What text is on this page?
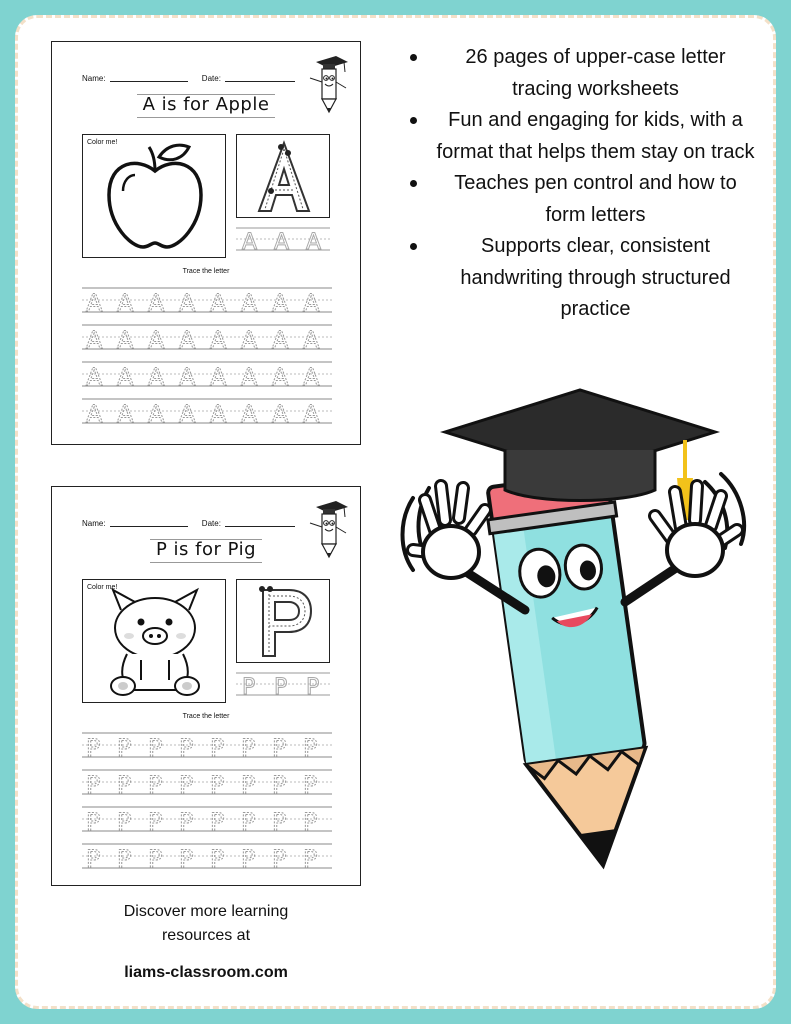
Name:	Date:
A is for Apple
Color me!
A A A
Trace the letter
A A A A A A A A
A A A A A A A A
A A A A A A A A
A A A A A A A A
Name:	Date:
P is for Pig
Color me!
P P P
Trace the letter
P P P P P P P P
P P P P P P P P
P P P P P P P P
P P P P P P P P
26 pages of upper-case letter tracing worksheets
Fun and engaging for kids, with a format that helps them stay on track
Teaches pen control and how to form letters
Supports clear, consistent handwriting through structured practice
Discover more learning resources at
liams-classroom.com
